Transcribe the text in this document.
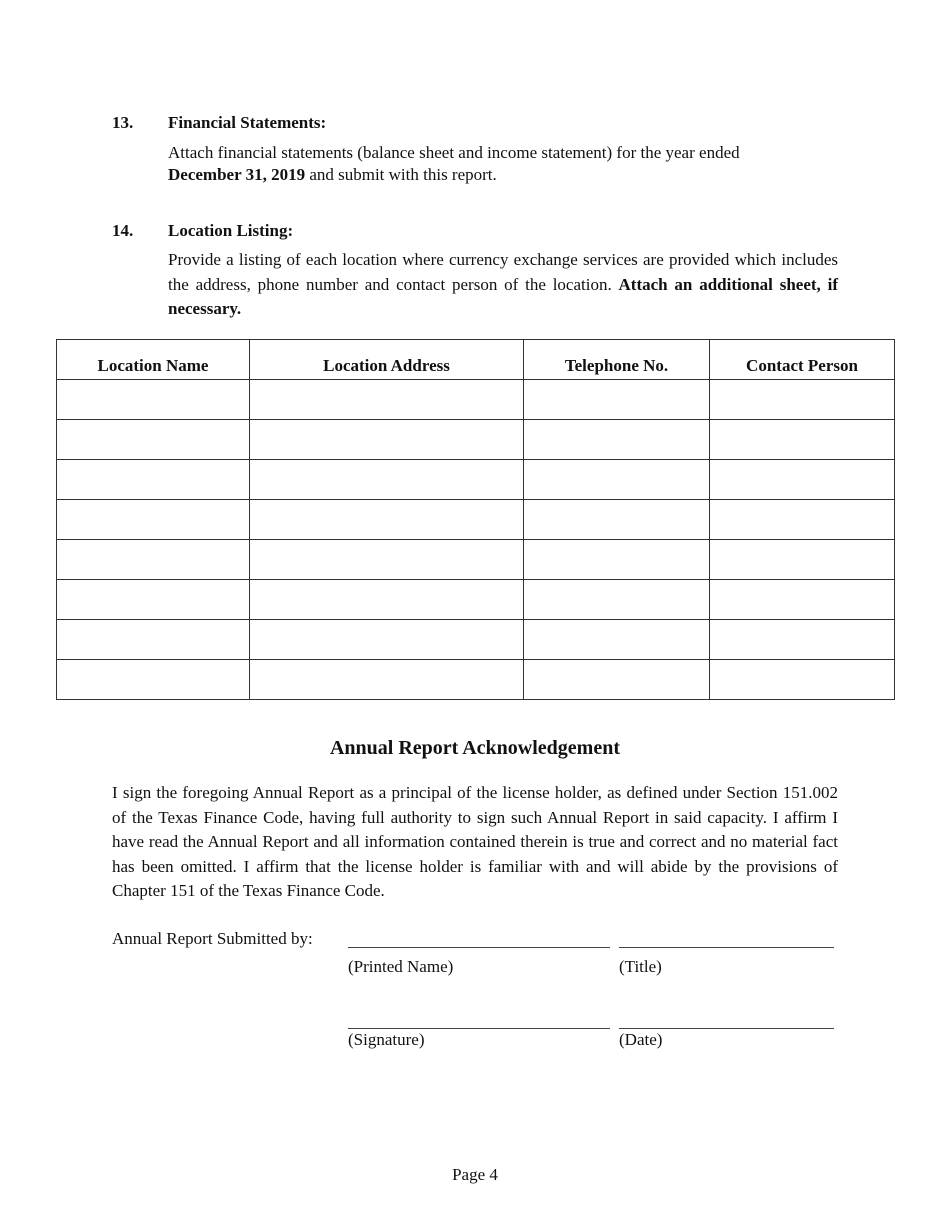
13.	Financial Statements:
Attach financial statements (balance sheet and income statement) for the year ended
December 31, 2019 and submit with this report.
14.	Location Listing:
Provide a listing of each location where currency exchange services are provided which includes the address, phone number and contact person of the location. Attach an additional sheet, if necessary.
Location Name	Location Address	Telephone No.	Contact Person

Annual Report Acknowledgement
I sign the foregoing Annual Report as a principal of the license holder, as defined under Section 151.002 of the Texas Finance Code, having full authority to sign such Annual Report in said capacity. I affirm I have read the Annual Report and all information contained therein is true and correct and no material fact has been omitted. I affirm that the license holder is familiar with and will abide by the provisions of Chapter 151 of the Texas Finance Code.
Annual Report Submitted by:
(Printed Name)	(Title)
(Signature)	(Date)
Page 4
